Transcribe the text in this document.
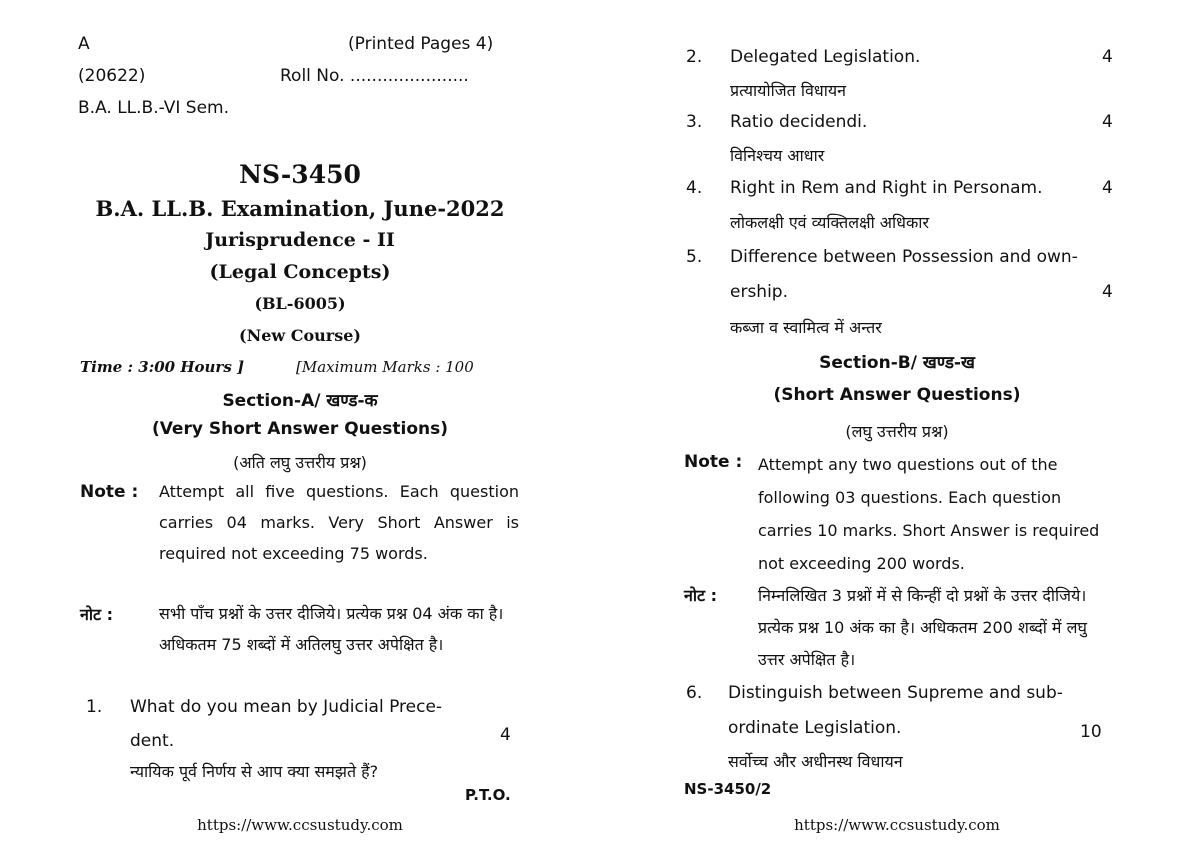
A	(Printed Pages 4)
(20622)	Roll No. ......................
B.A. LL.B.-VI Sem.
NS-3450
B.A. LL.B. Examination, June-2022
Jurisprudence - II
(Legal Concepts)
(BL-6005)
(New Course)
Time : 3:00 Hours ]	[Maximum Marks : 100
Section-A/ खण्ड-क
(Very Short Answer Questions)
(अति लघु उत्तरीय प्रश्न)
Note : Attempt all five questions. Each question carries 04 marks. Very Short Answer is required not exceeding 75 words.
नोट :	सभी पाँच प्रश्नों के उत्तर दीजिये। प्रत्येक प्रश्न 04 अंक का है। अधिकतम 75 शब्दों में अतिलघु उत्तर अपेक्षित है।
1. What do you mean by Judicial Prece-
dent.	4
न्यायिक पूर्व निर्णय से आप क्या समझते हैं?
P.T.O.
https://www.ccsustudy.com
2. Delegated Legislation.	4
प्रत्यायोजित विधायन
3. Ratio decidendi.	4
विनिश्चय आधार
4. Right in Rem and Right in Personam.	4
लोकलक्षी एवं व्यक्तिलक्षी अधिकार
5. Difference between Possession and own-
ership.	4
कब्जा व स्वामित्व में अन्तर
Section-B/ खण्ड-ख
(Short Answer Questions)
(लघु उत्तरीय प्रश्न)
Note : Attempt any two questions out of the following 03 questions. Each question carries 10 marks. Short Answer is required not exceeding 200 words.
नोट :	निम्नलिखित 3 प्रश्नों में से किन्हीं दो प्रश्नों के उत्तर दीजिये। प्रत्येक प्रश्न 10 अंक का है। अधिकतम 200 शब्दों में लघु उत्तर अपेक्षित है।
6. Distinguish between Supreme and sub-
ordinate Legislation.	10
सर्वोच्च और अधीनस्थ विधायन
NS-3450/2
https://www.ccsustudy.com
